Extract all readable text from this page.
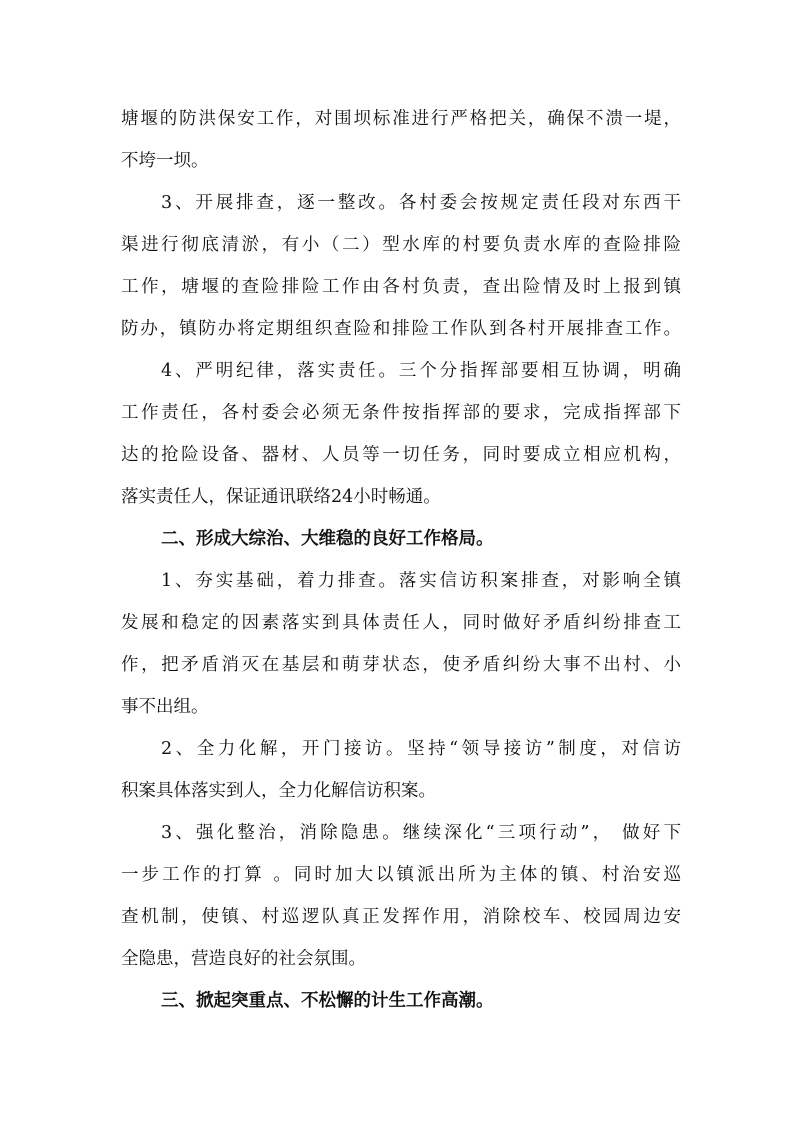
塘堰的防洪保安工作，对围坝标准进行严格把关，确保不溃一堤，
不垮一坝。
3、开展排查，逐一整改。各村委会按规定责任段对东西干
渠进行彻底清淤，有小（二）型水库的村要负责水库的查险排险
工作，塘堰的查险排险工作由各村负责，查出险情及时上报到镇
防办，镇防办将定期组织查险和排险工作队到各村开展排查工作。
4、严明纪律，落实责任。三个分指挥部要相互协调，明确
工作责任，各村委会必须无条件按指挥部的要求，完成指挥部下
达的抢险设备、器材、人员等一切任务，同时要成立相应机构，
落实责任人，保证通讯联络24小时畅通。
二、形成大综治、大维稳的良好工作格局。
1、夯实基础，着力排查。落实信访积案排查，对影响全镇
发展和稳定的因素落实到具体责任人，同时做好矛盾纠纷排查工
作，把矛盾消灭在基层和萌芽状态，使矛盾纠纷大事不出村、小
事不出组。
2、全力化解，开门接访。坚持“领导接访”制度，对信访
积案具体落实到人，全力化解信访积案。
3、强化整治，消除隐患。继续深化“三项行动”， 做好下
一步工作的打算 。同时加大以镇派出所为主体的镇、村治安巡
查机制，使镇、村巡逻队真正发挥作用，消除校车、校园周边安
全隐患，营造良好的社会氛围。
三、掀起突重点、不松懈的计生工作高潮。
